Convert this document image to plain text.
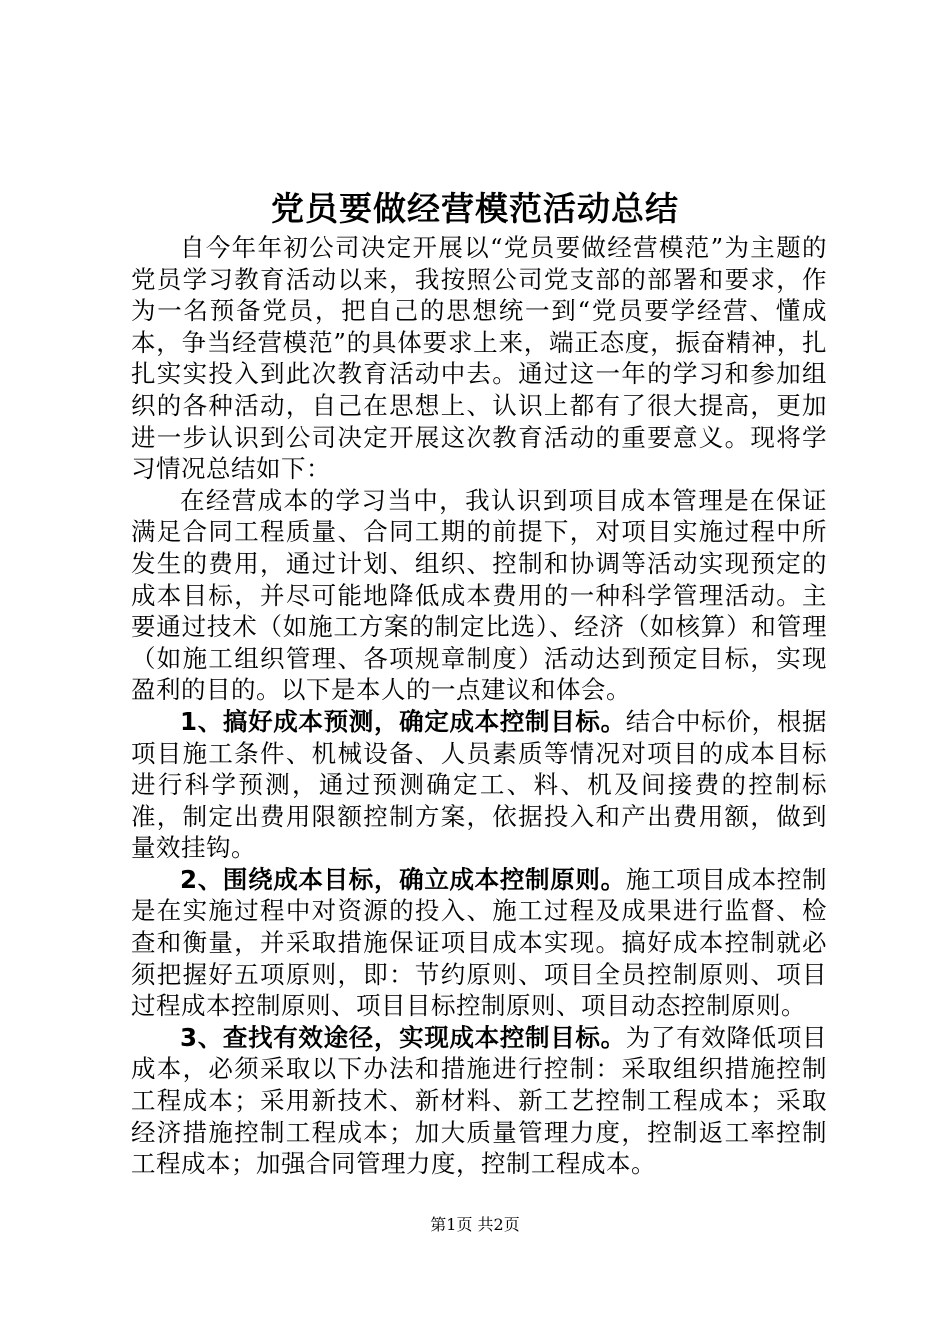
党员要做经营模范活动总结

自今年年初公司决定开展以“党员要做经营模范”为主题的党员学习教育活动以来，我按照公司党支部的部署和要求，作为一名预备党员，把自己的思想统一到“党员要学经营、懂成本，争当经营模范”的具体要求上来，端正态度，振奋精神，扎扎实实投入到此次教育活动中去。通过这一年的学习和参加组织的各种活动，自己在思想上、认识上都有了很大提高，更加进一步认识到公司决定开展这次教育活动的重要意义。现将学习情况总结如下：

在经营成本的学习当中，我认识到项目成本管理是在保证满足合同工程质量、合同工期的前提下，对项目实施过程中所发生的费用，通过计划、组织、控制和协调等活动实现预定的成本目标，并尽可能地降低成本费用的一种科学管理活动。主要通过技术（如施工方案的制定比选）、经济（如核算）和管理（如施工组织管理、各项规章制度）活动达到预定目标，实现盈利的目的。以下是本人的一点建议和体会。

1、搞好成本预测，确定成本控制目标。结合中标价，根据项目施工条件、机械设备、人员素质等情况对项目的成本目标进行科学预测，通过预测确定工、料、机及间接费的控制标准，制定出费用限额控制方案，依据投入和产出费用额，做到量效挂钩。

2、围绕成本目标，确立成本控制原则。施工项目成本控制是在实施过程中对资源的投入、施工过程及成果进行监督、检查和衡量，并采取措施保证项目成本实现。搞好成本控制就必须把握好五项原则，即：节约原则、项目全员控制原则、项目过程成本控制原则、项目目标控制原则、项目动态控制原则。

3、查找有效途径，实现成本控制目标。为了有效降低项目成本，必须采取以下办法和措施进行控制：采取组织措施控制工程成本；采用新技术、新材料、新工艺控制工程成本；采取经济措施控制工程成本；加大质量管理力度，控制返工率控制工程成本；加强合同管理力度，控制工程成本。

第1页 共2页
